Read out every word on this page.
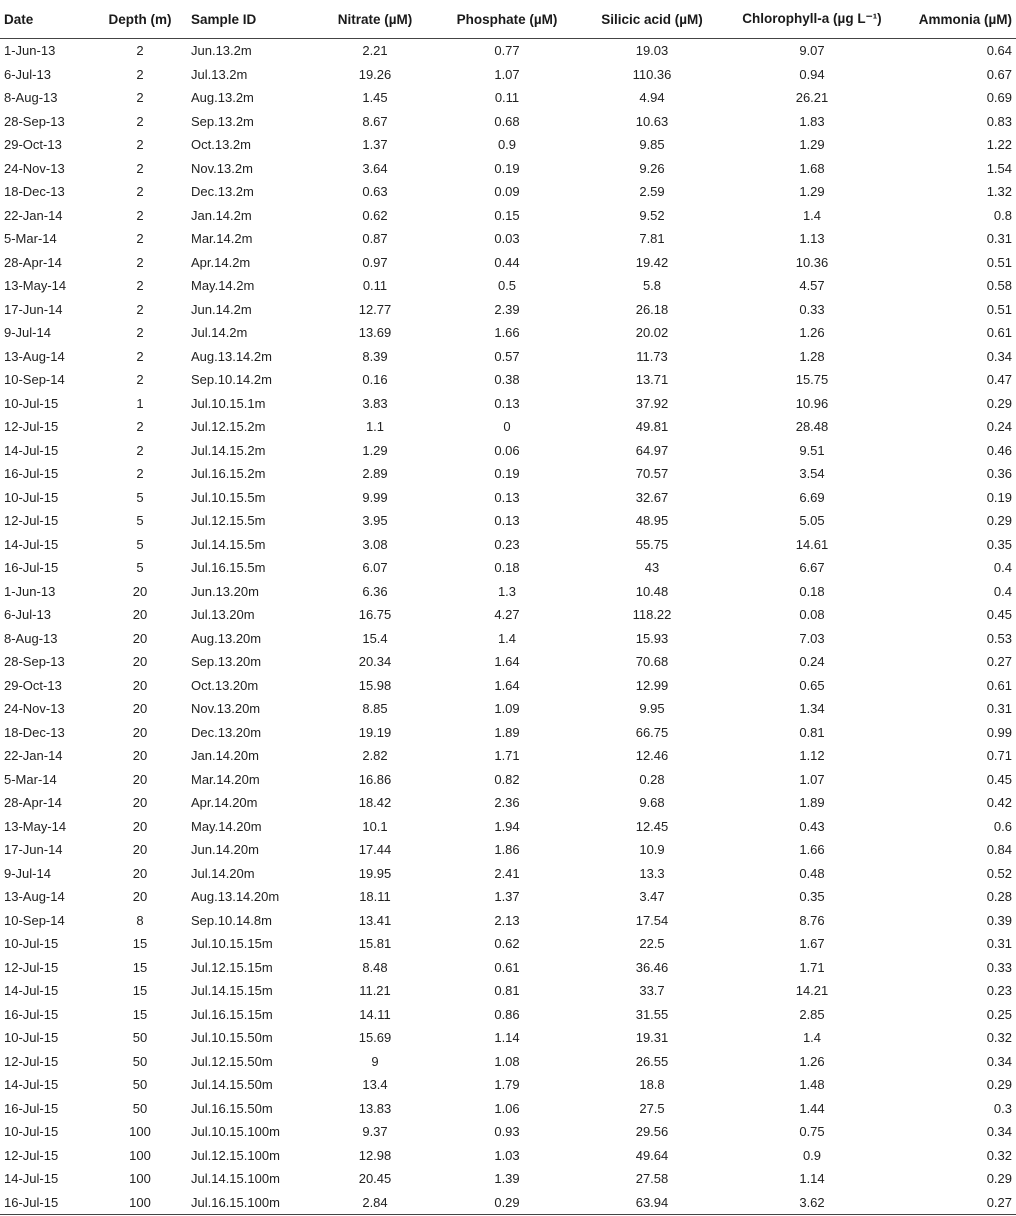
Date	Depth (m)	Sample ID	Nitrate (µM)	Phosphate (µM)	Silicic acid (µM)	Chlorophyll-a (µg L⁻¹)	Ammonia (µM)
1-Jun-13	2	Jun.13.2m	2.21	0.77	19.03	9.07	0.64
6-Jul-13	2	Jul.13.2m	19.26	1.07	110.36	0.94	0.67
8-Aug-13	2	Aug.13.2m	1.45	0.11	4.94	26.21	0.69
28-Sep-13	2	Sep.13.2m	8.67	0.68	10.63	1.83	0.83
29-Oct-13	2	Oct.13.2m	1.37	0.9	9.85	1.29	1.22
24-Nov-13	2	Nov.13.2m	3.64	0.19	9.26	1.68	1.54
18-Dec-13	2	Dec.13.2m	0.63	0.09	2.59	1.29	1.32
22-Jan-14	2	Jan.14.2m	0.62	0.15	9.52	1.4	0.8
5-Mar-14	2	Mar.14.2m	0.87	0.03	7.81	1.13	0.31
28-Apr-14	2	Apr.14.2m	0.97	0.44	19.42	10.36	0.51
13-May-14	2	May.14.2m	0.11	0.5	5.8	4.57	0.58
17-Jun-14	2	Jun.14.2m	12.77	2.39	26.18	0.33	0.51
9-Jul-14	2	Jul.14.2m	13.69	1.66	20.02	1.26	0.61
13-Aug-14	2	Aug.13.14.2m	8.39	0.57	11.73	1.28	0.34
10-Sep-14	2	Sep.10.14.2m	0.16	0.38	13.71	15.75	0.47
10-Jul-15	1	Jul.10.15.1m	3.83	0.13	37.92	10.96	0.29
12-Jul-15	2	Jul.12.15.2m	1.1	0	49.81	28.48	0.24
14-Jul-15	2	Jul.14.15.2m	1.29	0.06	64.97	9.51	0.46
16-Jul-15	2	Jul.16.15.2m	2.89	0.19	70.57	3.54	0.36
10-Jul-15	5	Jul.10.15.5m	9.99	0.13	32.67	6.69	0.19
12-Jul-15	5	Jul.12.15.5m	3.95	0.13	48.95	5.05	0.29
14-Jul-15	5	Jul.14.15.5m	3.08	0.23	55.75	14.61	0.35
16-Jul-15	5	Jul.16.15.5m	6.07	0.18	43	6.67	0.4
1-Jun-13	20	Jun.13.20m	6.36	1.3	10.48	0.18	0.4
6-Jul-13	20	Jul.13.20m	16.75	4.27	118.22	0.08	0.45
8-Aug-13	20	Aug.13.20m	15.4	1.4	15.93	7.03	0.53
28-Sep-13	20	Sep.13.20m	20.34	1.64	70.68	0.24	0.27
29-Oct-13	20	Oct.13.20m	15.98	1.64	12.99	0.65	0.61
24-Nov-13	20	Nov.13.20m	8.85	1.09	9.95	1.34	0.31
18-Dec-13	20	Dec.13.20m	19.19	1.89	66.75	0.81	0.99
22-Jan-14	20	Jan.14.20m	2.82	1.71	12.46	1.12	0.71
5-Mar-14	20	Mar.14.20m	16.86	0.82	0.28	1.07	0.45
28-Apr-14	20	Apr.14.20m	18.42	2.36	9.68	1.89	0.42
13-May-14	20	May.14.20m	10.1	1.94	12.45	0.43	0.6
17-Jun-14	20	Jun.14.20m	17.44	1.86	10.9	1.66	0.84
9-Jul-14	20	Jul.14.20m	19.95	2.41	13.3	0.48	0.52
13-Aug-14	20	Aug.13.14.20m	18.11	1.37	3.47	0.35	0.28
10-Sep-14	8	Sep.10.14.8m	13.41	2.13	17.54	8.76	0.39
10-Jul-15	15	Jul.10.15.15m	15.81	0.62	22.5	1.67	0.31
12-Jul-15	15	Jul.12.15.15m	8.48	0.61	36.46	1.71	0.33
14-Jul-15	15	Jul.14.15.15m	11.21	0.81	33.7	14.21	0.23
16-Jul-15	15	Jul.16.15.15m	14.11	0.86	31.55	2.85	0.25
10-Jul-15	50	Jul.10.15.50m	15.69	1.14	19.31	1.4	0.32
12-Jul-15	50	Jul.12.15.50m	9	1.08	26.55	1.26	0.34
14-Jul-15	50	Jul.14.15.50m	13.4	1.79	18.8	1.48	0.29
16-Jul-15	50	Jul.16.15.50m	13.83	1.06	27.5	1.44	0.3
10-Jul-15	100	Jul.10.15.100m	9.37	0.93	29.56	0.75	0.34
12-Jul-15	100	Jul.12.15.100m	12.98	1.03	49.64	0.9	0.32
14-Jul-15	100	Jul.14.15.100m	20.45	1.39	27.58	1.14	0.29
16-Jul-15	100	Jul.16.15.100m	2.84	0.29	63.94	3.62	0.27
